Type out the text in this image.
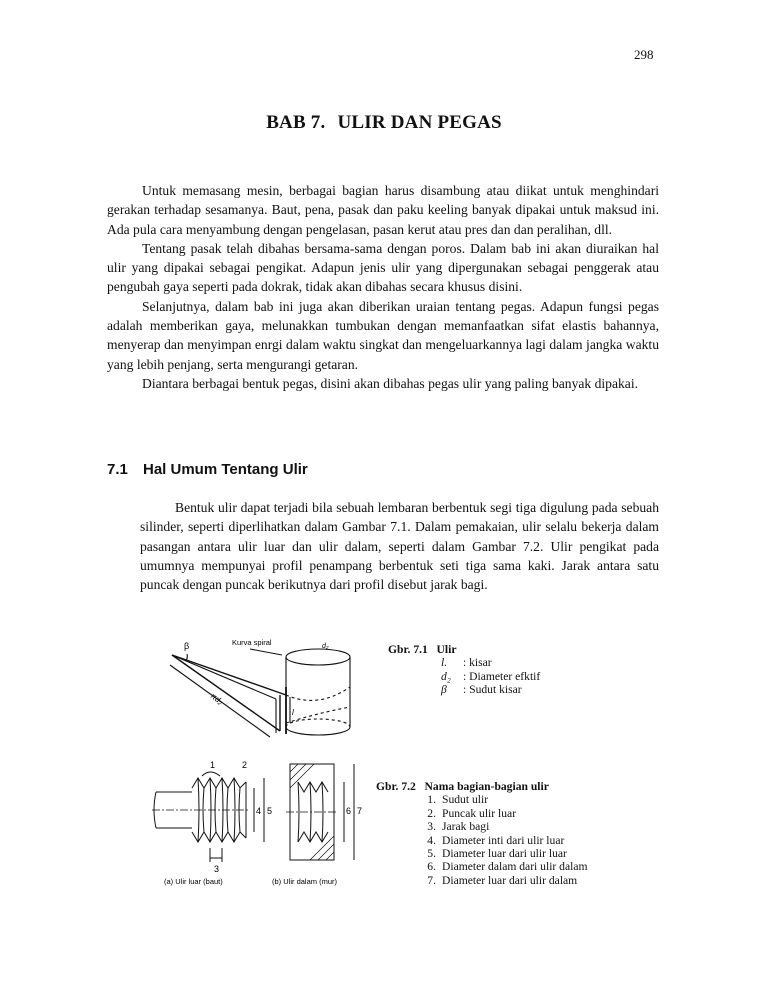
298
BAB 7. ULIR DAN PEGAS

Untuk memasang mesin, berbagai bagian harus disambung atau diikat untuk menghindari gerakan terhadap sesamanya. Baut, pena, pasak dan paku keeling banyak dipakai untuk maksud ini. Ada pula cara menyambung dengan pengelasan, pasan kerut atau pres dan dan peralihan, dll.

Tentang pasak telah dibahas bersama-sama dengan poros. Dalam bab ini akan diuraikan hal ulir yang dipakai sebagai pengikat. Adapun jenis ulir yang dipergunakan sebagai penggerak atau pengubah gaya seperti pada dokrak, tidak akan dibahas secara khusus disini.

Selanjutnya, dalam bab ini juga akan diberikan uraian tentang pegas. Adapun fungsi pegas adalah memberikan gaya, melunakkan tumbukan dengan memanfaatkan sifat elastis bahannya, menyerap dan menyimpan enrgi dalam waktu singkat dan mengeluarkannya lagi dalam jangka waktu yang lebih penjang, serta mengurangi getaran.

Diantara berbagai bentuk pegas, disini akan dibahas pegas ulir yang paling banyak dipakai.

7.1 Hal Umum Tentang Ulir

Bentuk ulir dapat terjadi bila sebuah lembaran berbentuk segi tiga digulung pada sebuah silinder, seperti diperlihatkan dalam Gambar 7.1. Dalam pemakaian, ulir selalu bekerja dalam pasangan antara ulir luar dan ulir dalam, seperti dalam Gambar 7.2. Ulir pengikat pada umumnya mempunyai profil penampang berbentuk seti tiga sama kaki. Jarak antara satu puncak dengan puncak berikutnya dari profil disebut jarak bagi.

β	Kurva spiral	d₂
πd₂
l
Gbr. 7.1 Ulir
l.	: kisar
d₂	: Diameter efktif
β	: Sudut kisar
1	2
3
4 5	6 7
(a) Ulir luar (baut)	(b) Ulir dalam (mur)
Gbr. 7.2 Nama bagian-bagian ulir
1.	Sudut ulir
2.	Puncak ulir luar
3.	Jarak bagi
4.	Diameter inti dari ulir luar
5.	Diameter luar dari ulir luar
6.	Diameter dalam dari ulir dalam
7.	Diameter luar dari ulir dalam
